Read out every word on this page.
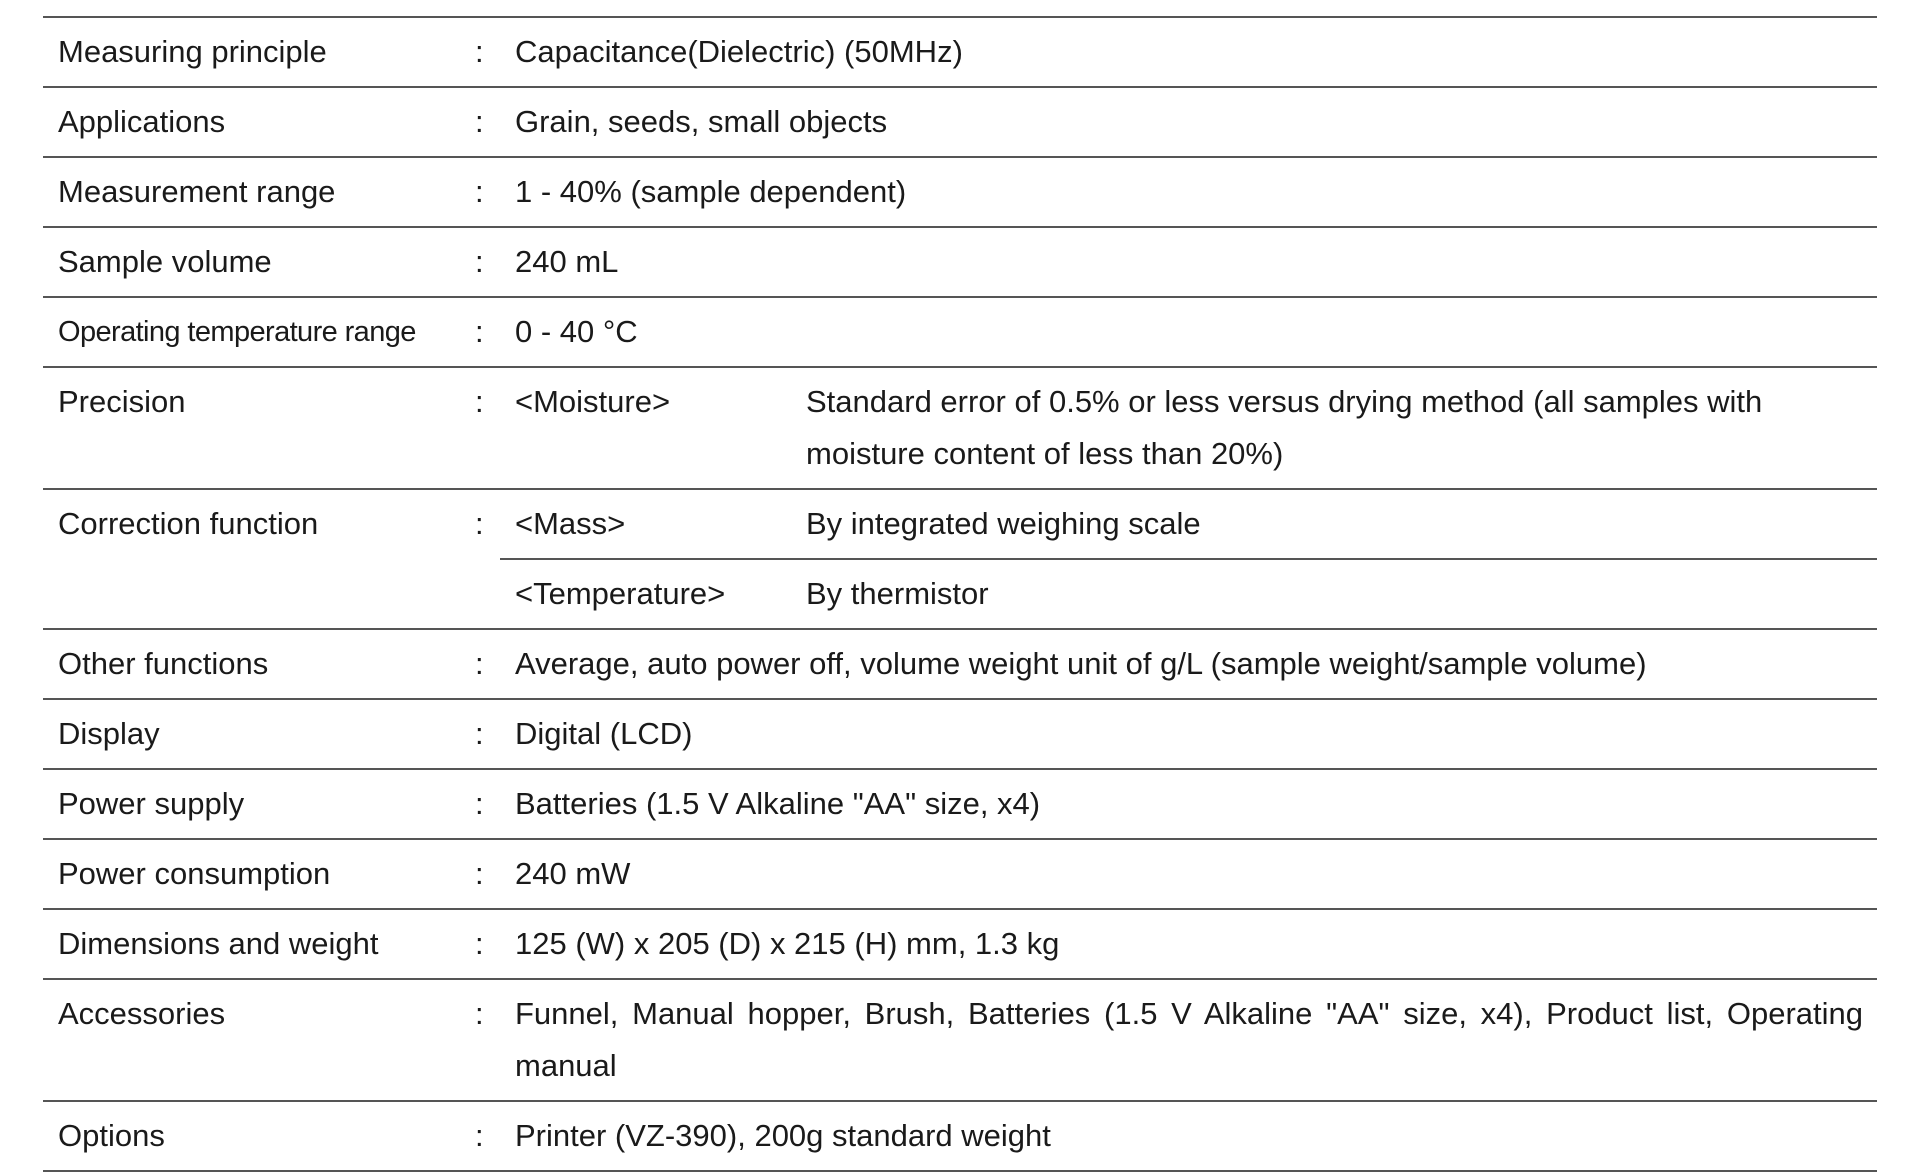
Measuring principle	:	Capacitance(Dielectric) (50MHz)
Applications	:	Grain, seeds, small objects
Measurement range	:	1 - 40% (sample dependent)
Sample volume	:	240 mL
Operating temperature range	:	0 - 40 °C
Precision	:	<Moisture>	Standard error of 0.5% or less versus drying method (all samples with moisture content of less than 20%)
Correction function	:	<Mass>	By integrated weighing scale
<Temperature>	By thermistor
Other functions	:	Average, auto power off, volume weight unit of g/L (sample weight/sample volume)
Display	:	Digital (LCD)
Power supply	:	Batteries (1.5 V Alkaline "AA" size, x4)
Power consumption	:	240 mW
Dimensions and weight	:	125 (W) x 205 (D) x 215 (H) mm, 1.3 kg
Accessories	:	Funnel, Manual hopper, Brush, Batteries (1.5 V Alkaline "AA" size, x4), Product list, Operating manual
Options	:	Printer (VZ-390), 200g standard weight
